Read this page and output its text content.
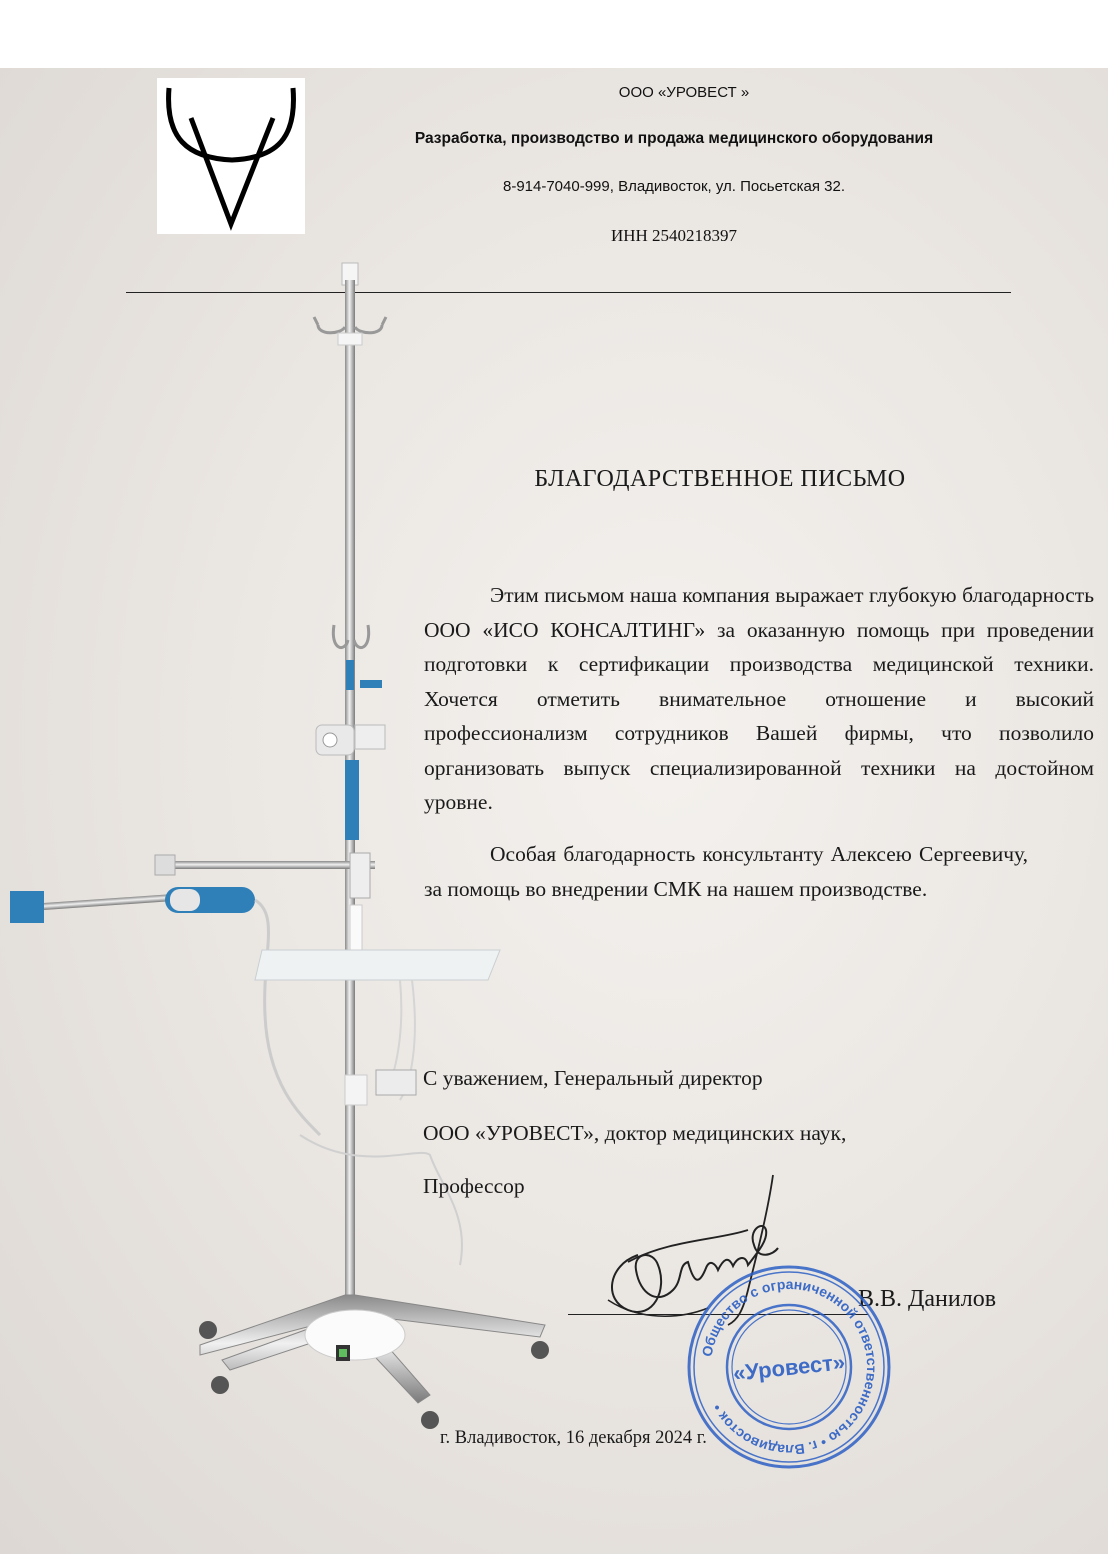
ООО «УРОВЕСТ »
Разработка, производство и продажа медицинского оборудования
8-914-7040-999, Владивосток, ул. Посьетская 32.
ИНН 2540218397
БЛАГОДАРСТВЕННОЕ ПИСЬМО
Этим письмом наша компания выражает глубокую благодарность ООО «ИСО КОНСАЛТИНГ» за оказанную помощь при проведении подготовки к сертификации производства медицинской техники. Хочется отметить внимательное отношение и высокий профессионализм сотрудников Вашей фирмы, что позволило организовать выпуск специализированной техники на достойном уровне.
Особая благодарность консультанту Алексею Сергеевичу, за помощь во внедрении СМК на нашем производстве.
С уважением, Генеральный директор
ООО «УРОВЕСТ», доктор медицинских наук,
Профессор
В.В. Данилов
Общество с ограниченной ответственностью • г. Владивосток •
«Уровест»
г. Владивосток, 16 декабря 2024 г.
